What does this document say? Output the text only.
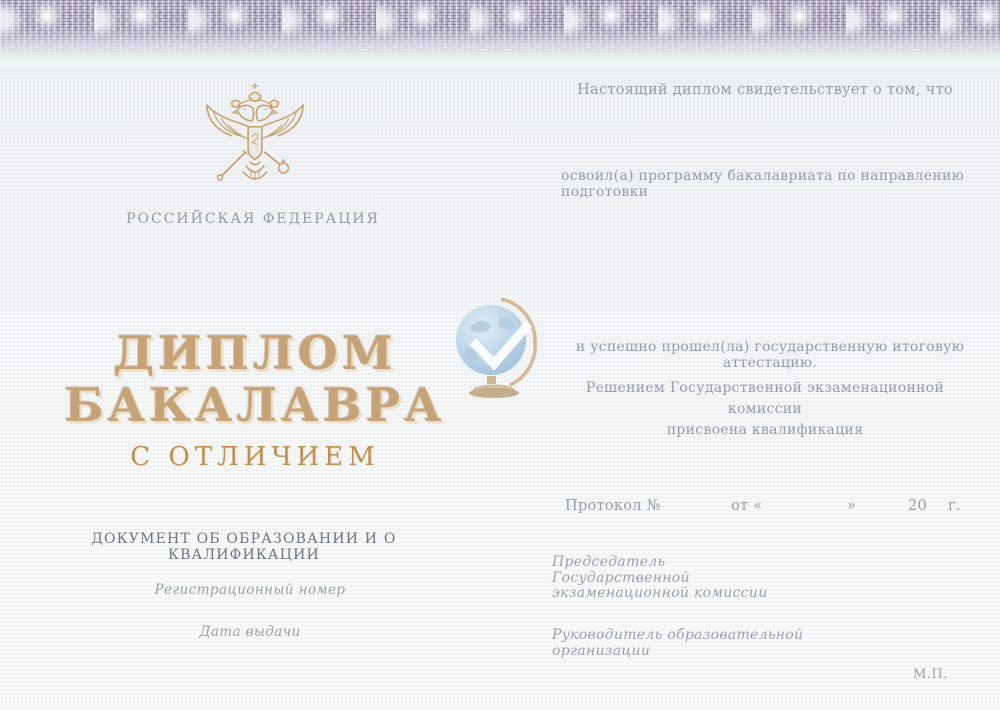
РОССИЙСКАЯ ФЕДЕРАЦИЯ
ДИПЛОМ
БАКАЛАВРА
С ОТЛИЧИЕМ
ДОКУМЕНТ ОБ ОБРАЗОВАНИИ И О КВАЛИФИКАЦИИ
Регистрационный номер
Дата выдачи
Настоящий диплом свидетельствует о том, что
освоил(а) программу бакалавриата по направлению подготовки
и успешно прошел(ла) государственную итоговую аттестацию.
Решением Государственной экзаменационной комиссии
присвоена квалификация
Протокол №	от «	»	20 г.
Председатель
Государственной
экзаменационной комиссии
Руководитель образовательной
организации
М.П.
